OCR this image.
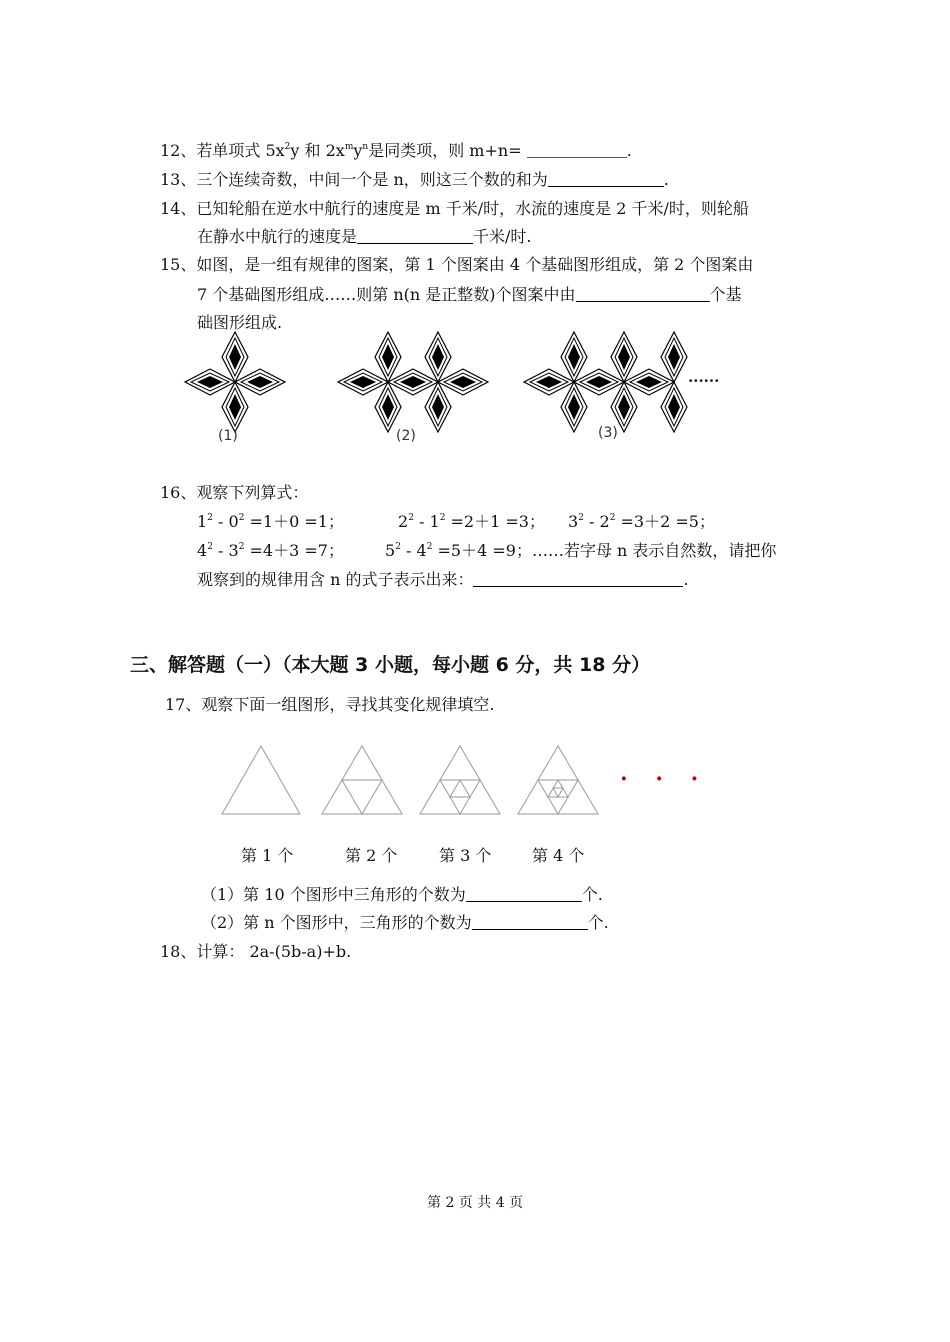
12、若单项式 $5x^2y$ 和 $2x^my^n$是同类项，则 m+n=	.
13、三个连续奇数，中间一个是 n，则这三个数的和为	.
14、已知轮船在逆水中航行的速度是 m 千米/时，水流的速度是 2 千米/时，则轮船
在静水中航行的速度是	千米/时.
15、如图，是一组有规律的图案，第 1 个图案由 4 个基础图形组成，第 2 个图案由
7 个基础图形组成……则第 n(n 是正整数)个图案中由	个基
础图形组成.
......
(1)	(2)	(3)
16、观察下列算式：
$1^2 - 0^2 =1+0 =1$；	$2^2 - 1^2 =2+1 =3$； $3^2 - 2^2 =3+2 =5$；
$4^2 - 3^2 =4+3 =7$；	$5^2 - 4^2 =5+4 =9$；……若字母 n 表示自然数，请把你
观察到的规律用含 n 的式子表示出来：	.
三、解答题（一）（本大题 3 小题，每小题 6 分，共 18 分）
17、观察下面一组图形，寻找其变化规律填空.
· · ·
第 1 个	第 2 个	第 3 个	第 4 个
（1）第 10 个图形中三角形的个数为	个.
（2）第 n 个图形中，三角形的个数为	个.
18、计算： 2a-(5b-a)+b.
第 2 页 共 4 页
